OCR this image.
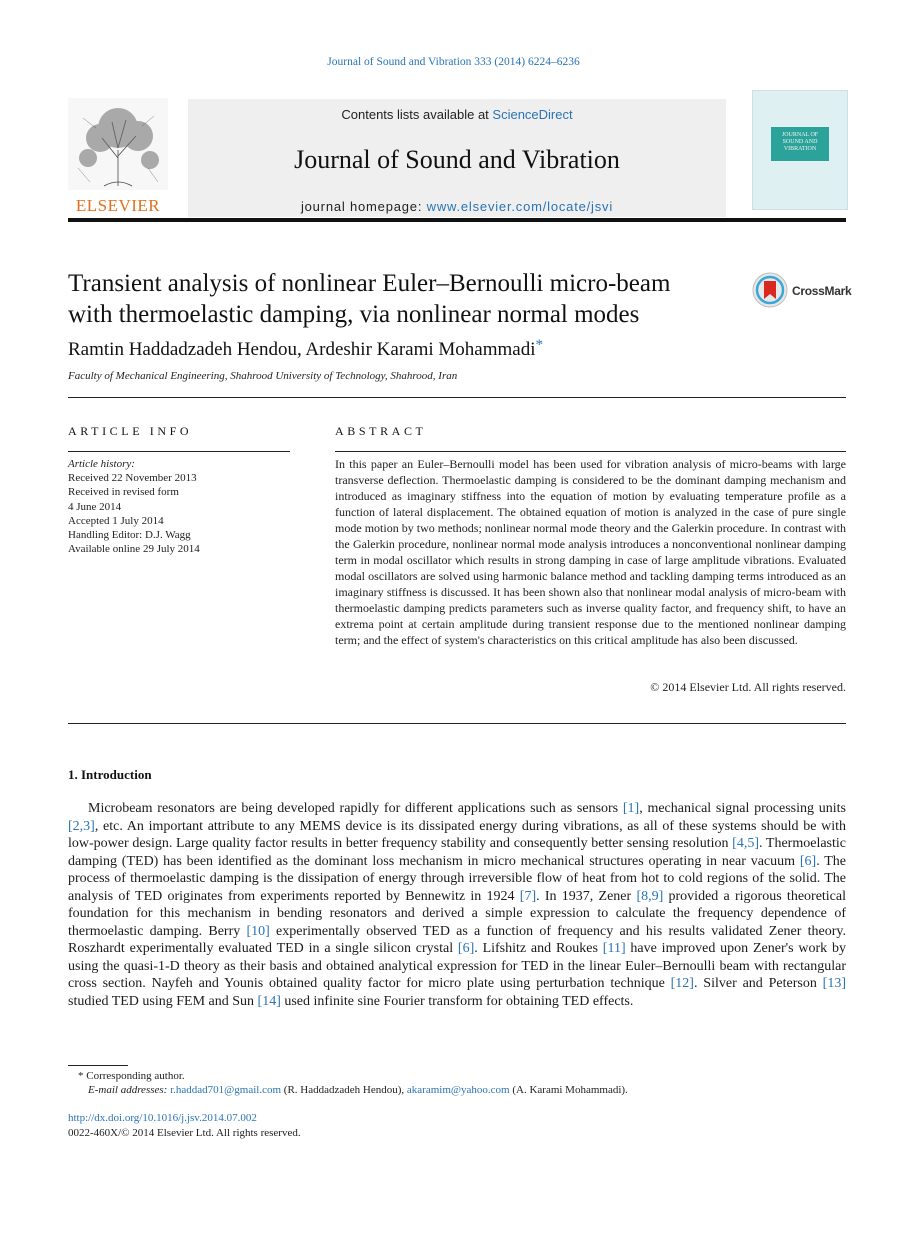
Journal of Sound and Vibration 333 (2014) 6224–6236
ELSEVIER
Contents lists available at ScienceDirect
Journal of Sound and Vibration
journal homepage: www.elsevier.com/locate/jsvi
JOURNAL OF SOUND AND VIBRATION
Transient analysis of nonlinear Euler–Bernoulli micro-beam
with thermoelastic damping, via nonlinear normal modes
CrossMark
Ramtin Haddadzadeh Hendou, Ardeshir Karami Mohammadi*
Faculty of Mechanical Engineering, Shahrood University of Technology, Shahrood, Iran
ARTICLE INFO	ABSTRACT
Article history:
Received 22 November 2013
Received in revised form
4 June 2014
Accepted 1 July 2014
Handling Editor: D.J. Wagg
Available online 29 July 2014
In this paper an Euler–Bernoulli model has been used for vibration analysis of micro-beams with large transverse deflection. Thermoelastic damping is considered to be the dominant damping mechanism and introduced as imaginary stiffness into the equation of motion by evaluating temperature profile as a function of lateral displacement. The obtained equation of motion is analyzed in the case of pure single mode motion by two methods; nonlinear normal mode theory and the Galerkin procedure. In contrast with the Galerkin procedure, nonlinear normal mode analysis introduces a nonconventional nonlinear damping term in modal oscillator which results in strong damping in case of large amplitude vibrations. Evaluated modal oscillators are solved using harmonic balance method and tackling damping terms introduced as an imaginary stiffness is discussed. It has been shown also that nonlinear modal analysis of micro-beam with thermoelastic damping predicts parameters such as inverse quality factor, and frequency shift, to have an extrema point at certain amplitude during transient response due to the mentioned nonlinear damping term; and the effect of system's characteristics on this critical amplitude has also been discussed.
© 2014 Elsevier Ltd. All rights reserved.
1. Introduction
Microbeam resonators are being developed rapidly for different applications such as sensors [1], mechanical signal processing units [2,3], etc. An important attribute to any MEMS device is its dissipated energy during vibrations, as all of these systems should be with low-power design. Large quality factor results in better frequency stability and consequently better sensing resolution [4,5]. Thermoelastic damping (TED) has been identified as the dominant loss mechanism in micro mechanical structures operating in near vacuum [6]. The process of thermoelastic damping is the dissipation of energy through irreversible flow of heat from hot to cold regions of the solid. The analysis of TED originates from experiments reported by Bennewitz in 1924 [7]. In 1937, Zener [8,9] provided a rigorous theoretical foundation for this mechanism in bending resonators and derived a simple expression to calculate the frequency dependence of thermoelastic damping. Berry [10] experimentally observed TED as a function of frequency and his results validated Zener theory. Roszhardt experimentally evaluated TED in a single silicon crystal [6]. Lifshitz and Roukes [11] have improved upon Zener's work by using the quasi-1-D theory as their basis and obtained analytical expression for TED in the linear Euler–Bernoulli beam with rectangular cross section. Nayfeh and Younis obtained quality factor for micro plate using perturbation technique [12]. Silver and Peterson [13] studied TED using FEM and Sun [14] used infinite sine Fourier transform for obtaining TED effects.
* Corresponding author.
E-mail addresses: r.haddad701@gmail.com (R. Haddadzadeh Hendou), akaramim@yahoo.com (A. Karami Mohammadi).
http://dx.doi.org/10.1016/j.jsv.2014.07.002
0022-460X/© 2014 Elsevier Ltd. All rights reserved.
